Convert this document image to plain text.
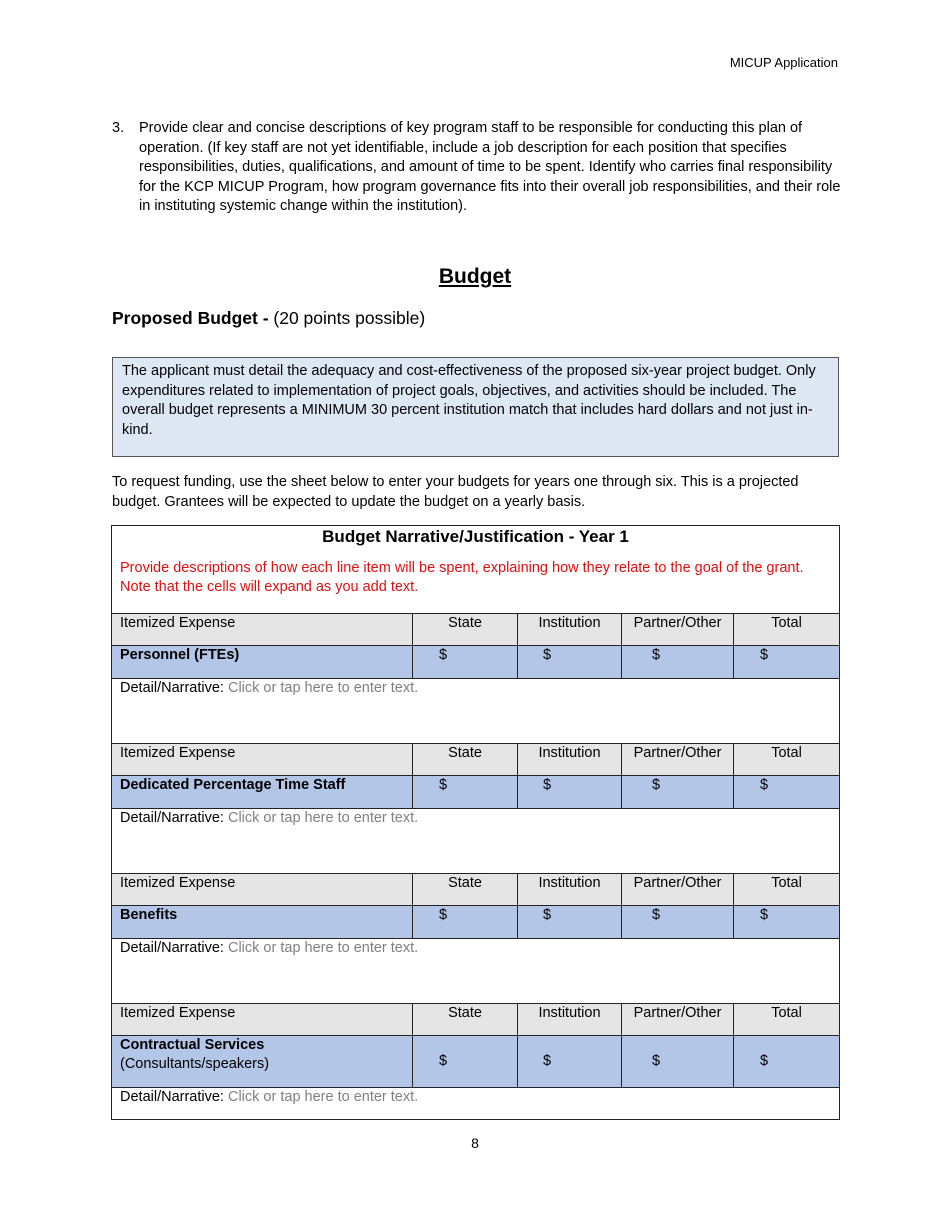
MICUP Application
3.	Provide clear and concise descriptions of key program staff to be responsible for conducting this plan of operation. (If key staff are not yet identifiable, include a job description for each position that specifies responsibilities, duties, qualifications, and amount of time to be spent. Identify who carries final responsibility for the KCP MICUP Program, how program governance fits into their overall job responsibilities, and their role in instituting systemic change within the institution).
Budget
Proposed Budget - (20 points possible)
The applicant must detail the adequacy and cost-effectiveness of the proposed six-year project budget. Only expenditures related to implementation of project goals, objectives, and activities should be included. The overall budget represents a MINIMUM 30 percent institution match that includes hard dollars and not just in-kind.
To request funding, use the sheet below to enter your budgets for years one through six. This is a projected budget. Grantees will be expected to update the budget on a yearly basis.
Budget Narrative/Justification - Year 1
Provide descriptions of how each line item will be spent, explaining how they relate to the goal of the grant. Note that the cells will expand as you add text.				

Itemized Expense	State	Institution	Partner/Other	Total
Personnel (FTEs)	$	$	$	$
Detail/Narrative: Click or tap here to enter text.				
Itemized Expense	State	Institution	Partner/Other	Total
Dedicated Percentage Time Staff	$	$	$	$
Detail/Narrative: Click or tap here to enter text.				
Itemized Expense	State	Institution	Partner/Other	Total
Benefits	$	$	$	$
Detail/Narrative: Click or tap here to enter text.				
Itemized Expense	State	Institution	Partner/Other	Total

Contractual Services
(Consultants/speakers)	$	$	$	$
Detail/Narrative: Click or tap here to enter text.				
8
